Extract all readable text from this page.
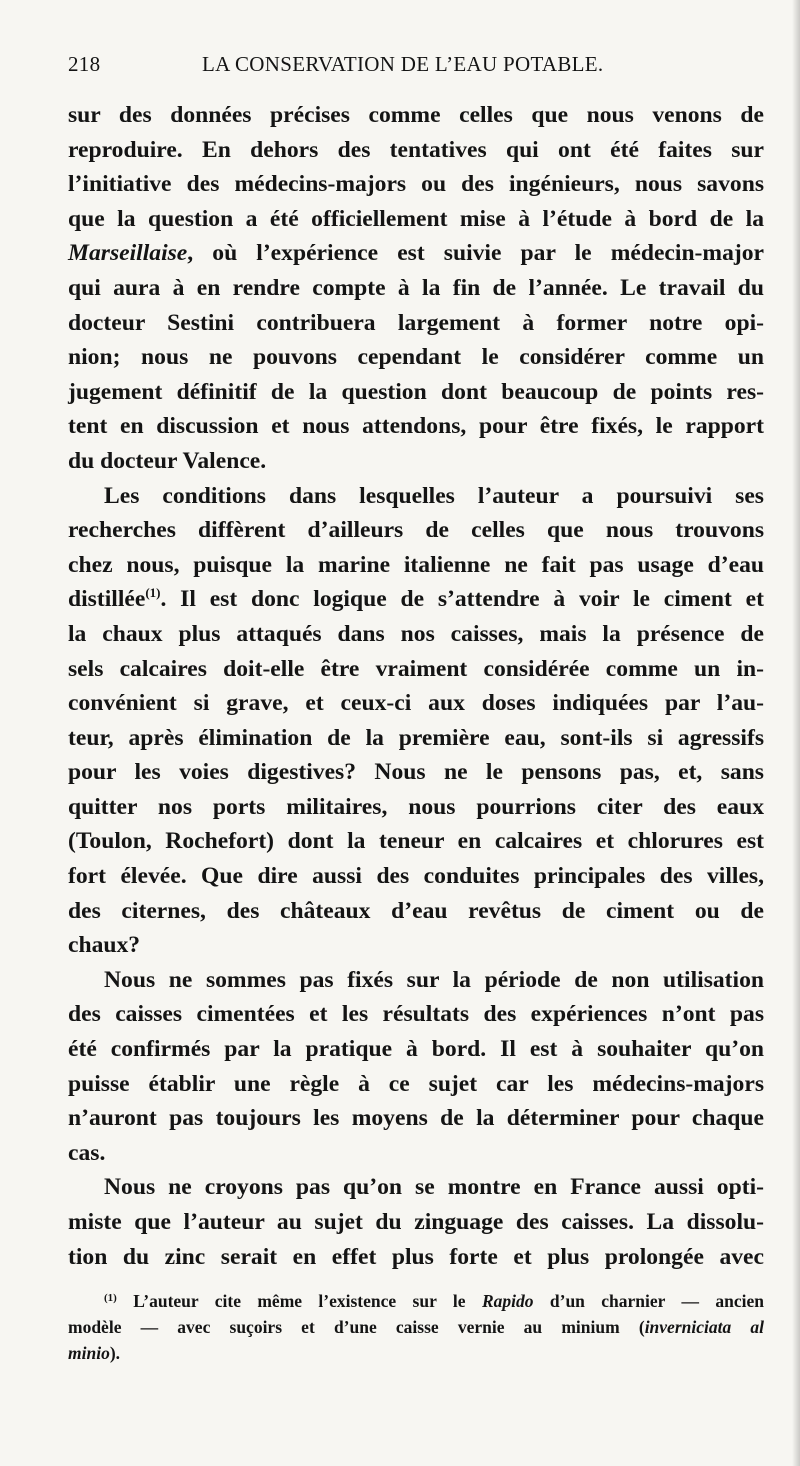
218	LA CONSERVATION DE L’EAU POTABLE.

sur des données précises comme celles que nous venons de
reproduire. En dehors des tentatives qui ont été faites sur
l’initiative des médecins-majors ou des ingénieurs, nous savons
que la question a été officiellement mise à l’étude à bord de la
Marseillaise, où l’expérience est suivie par le médecin-major
qui aura à en rendre compte à la fin de l’année. Le travail du
docteur Sestini contribuera largement à former notre opi-
nion; nous ne pouvons cependant le considérer comme un
jugement définitif de la question dont beaucoup de points res-
tent en discussion et nous attendons, pour être fixés, le rapport
du docteur Valence.

Les conditions dans lesquelles l’auteur a poursuivi ses
recherches diffèrent d’ailleurs de celles que nous trouvons
chez nous, puisque la marine italienne ne fait pas usage d’eau
distillée$^{(1)}$. Il est donc logique de s’attendre à voir le ciment et
la chaux plus attaqués dans nos caisses, mais la présence de
sels calcaires doit-elle être vraiment considérée comme un in-
convénient si grave, et ceux-ci aux doses indiquées par l’au-
teur, après élimination de la première eau, sont-ils si agressifs
pour les voies digestives? Nous ne le pensons pas, et, sans
quitter nos ports militaires, nous pourrions citer des eaux
(Toulon, Rochefort) dont la teneur en calcaires et chlorures est
fort élevée. Que dire aussi des conduites principales des villes,
des citernes, des châteaux d’eau revêtus de ciment ou de
chaux?

Nous ne sommes pas fixés sur la période de non utilisation
des caisses cimentées et les résultats des expériences n’ont pas
été confirmés par la pratique à bord. Il est à souhaiter qu’on
puisse établir une règle à ce sujet car les médecins-majors
n’auront pas toujours les moyens de la déterminer pour chaque
cas.

Nous ne croyons pas qu’on se montre en France aussi opti-
miste que l’auteur au sujet du zinguage des caisses. La dissolu-
tion du zinc serait en effet plus forte et plus prolongée avec

$^{(1)}$ L’auteur cite même l’existence sur le Rapido d’un charnier — ancien
modèle — avec suçoirs et d’une caisse vernie au minium (inverniciata al
minio).
